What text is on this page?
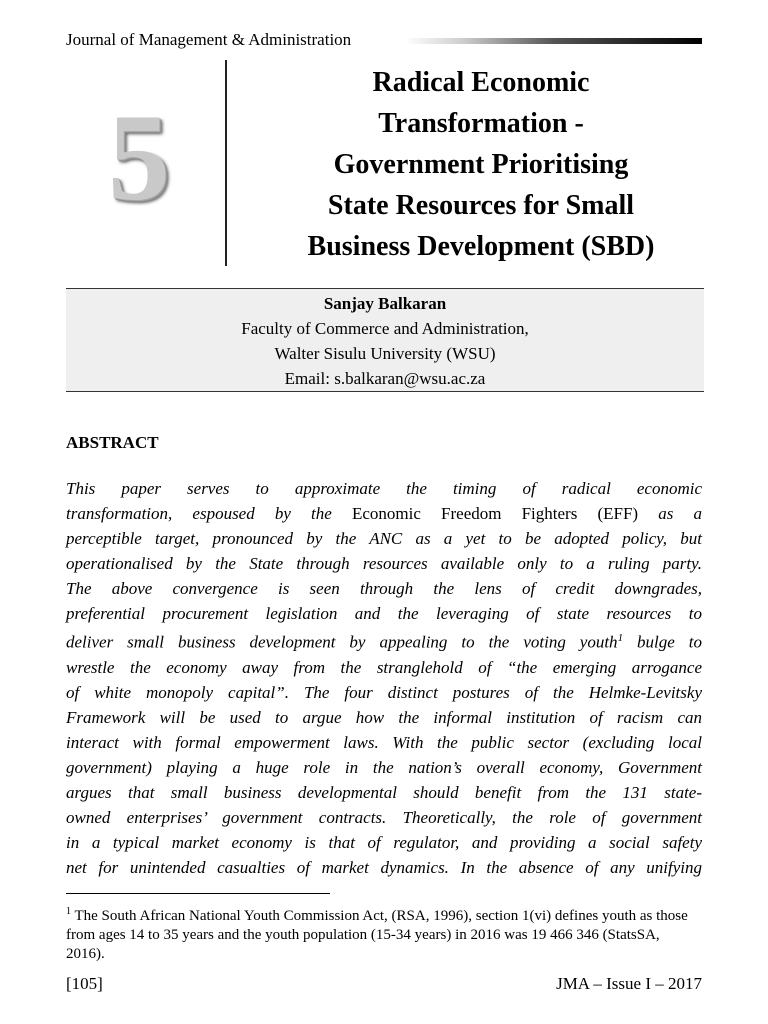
Journal of Management & Administration
5
Radical Economic
Transformation -
Government Prioritising
State Resources for Small
Business Development (SBD)
Sanjay Balkaran
Faculty of Commerce and Administration,
Walter Sisulu University (WSU)
Email: s.balkaran@wsu.ac.za
ABSTRACT
This paper serves to approximate the timing of radical economic
transformation, espoused by the Economic Freedom Fighters (EFF) as a
perceptible target, pronounced by the ANC as a yet to be adopted policy, but
operationalised by the State through resources available only to a ruling party.
The above convergence is seen through the lens of credit downgrades,
preferential procurement legislation and the leveraging of state resources to
deliver small business development by appealing to the voting youth$^1$ bulge to
wrestle the economy away from the stranglehold of “the emerging arrogance
of white monopoly capital”. The four distinct postures of the Helmke-Levitsky
Framework will be used to argue how the informal institution of racism can
interact with formal empowerment laws. With the public sector (excluding local
government) playing a huge role in the nation’s overall economy, Government
argues that small business developmental should benefit from the 131 state-
owned enterprises’ government contracts. Theoretically, the role of government
in a typical market economy is that of regulator, and providing a social safety
net for unintended casualties of market dynamics. In the absence of any unifying
$^1$ The South African National Youth Commission Act, (RSA, 1996), section 1(vi) defines youth as those from ages 14 to 35 years and the youth population (15-34 years) in 2016 was 19 466 346 (StatsSA, 2016).
[105]	JMA – Issue I – 2017
